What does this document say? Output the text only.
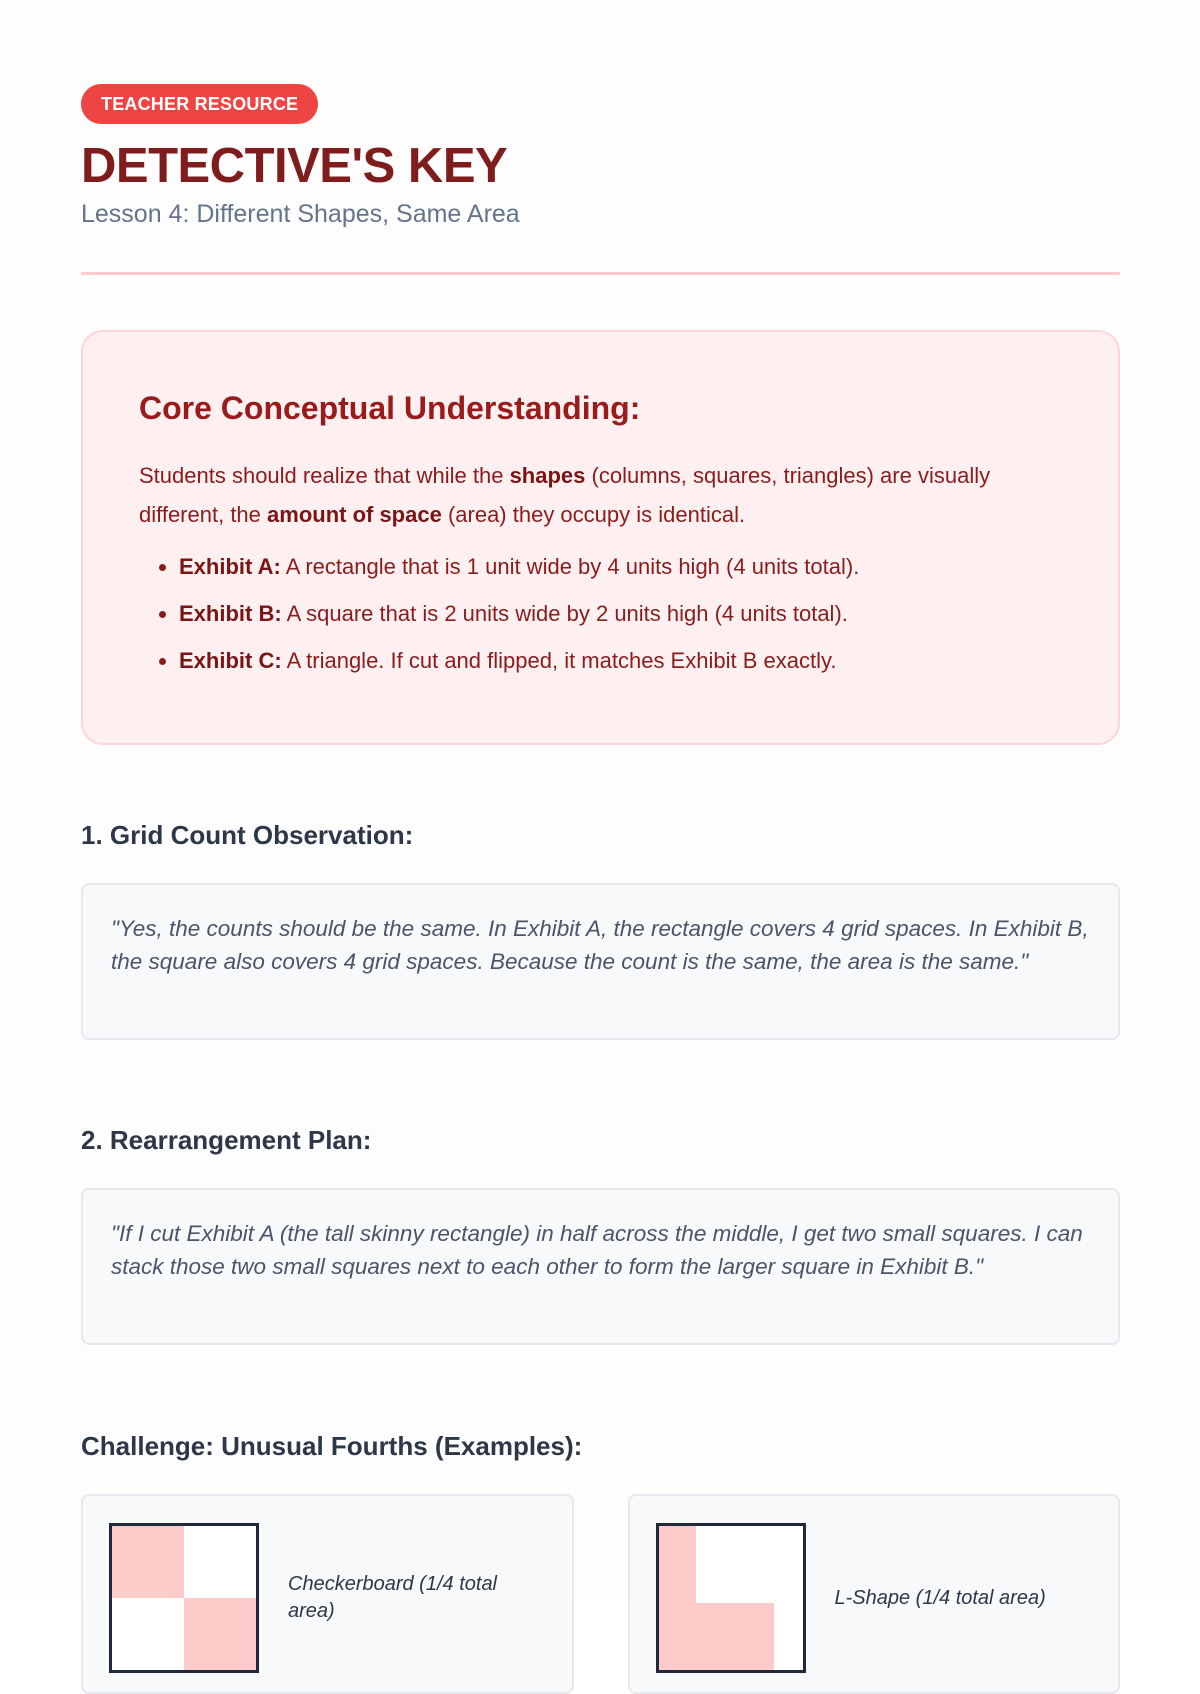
TEACHER RESOURCE
DETECTIVE'S KEY
Lesson 4: Different Shapes, Same Area
Core Conceptual Understanding:

Students should realize that while the shapes (columns, squares, triangles) are visually different, the amount of space (area) they occupy is identical.

• Exhibit A: A rectangle that is 1 unit wide by 4 units high (4 units total).
• Exhibit B: A square that is 2 units wide by 2 units high (4 units total).
• Exhibit C: A triangle. If cut and flipped, it matches Exhibit B exactly.
1. Grid Count Observation:
"Yes, the counts should be the same. In Exhibit A, the rectangle covers 4 grid spaces. In Exhibit B, the square also covers 4 grid spaces. Because the count is the same, the area is the same."
2. Rearrangement Plan:
"If I cut Exhibit A (the tall skinny rectangle) in half across the middle, I get two small squares. I can stack those two small squares next to each other to form the larger square in Exhibit B."
Challenge: Unusual Fourths (Examples):
Checkerboard (1/4 total area)
L-Shape (1/4 total area)
